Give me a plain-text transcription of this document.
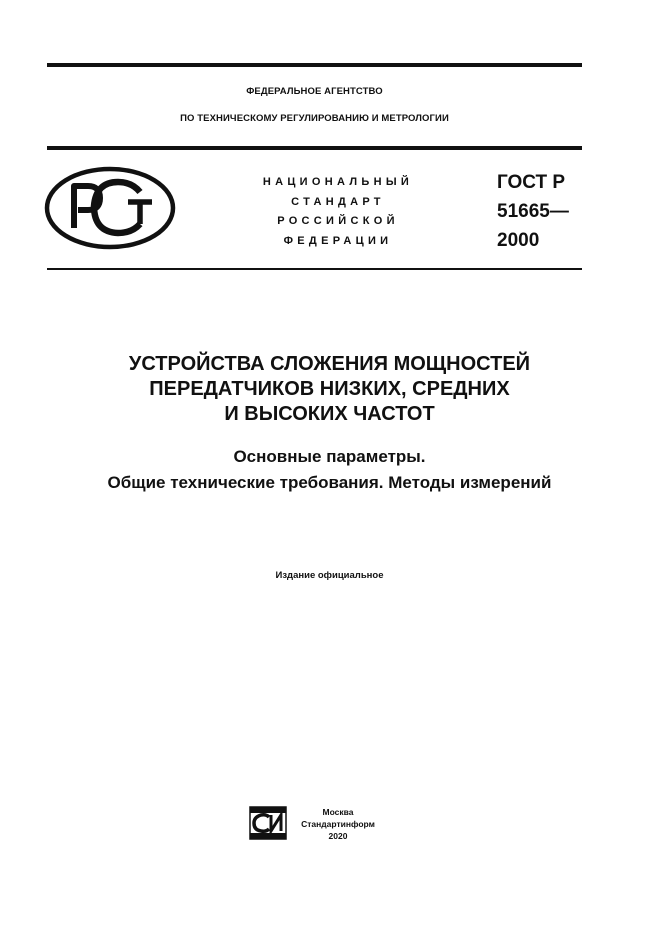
ФЕДЕРАЛЬНОЕ АГЕНТСТВО
ПО ТЕХНИЧЕСКОМУ РЕГУЛИРОВАНИЮ И МЕТРОЛОГИИ
НАЦИОНАЛЬНЫЙ
СТАНДАРТ
РОССИЙСКОЙ
ФЕДЕРАЦИИ
ГОСТ Р
51665—
2000
УСТРОЙСТВА СЛОЖЕНИЯ МОЩНОСТЕЙ
ПЕРЕДАТЧИКОВ НИЗКИХ, СРЕДНИХ
И ВЫСОКИХ ЧАСТОТ
Основные параметры.
Общие технические требования. Методы измерений
Издание официальное
Москва
Стандартинформ
2020
